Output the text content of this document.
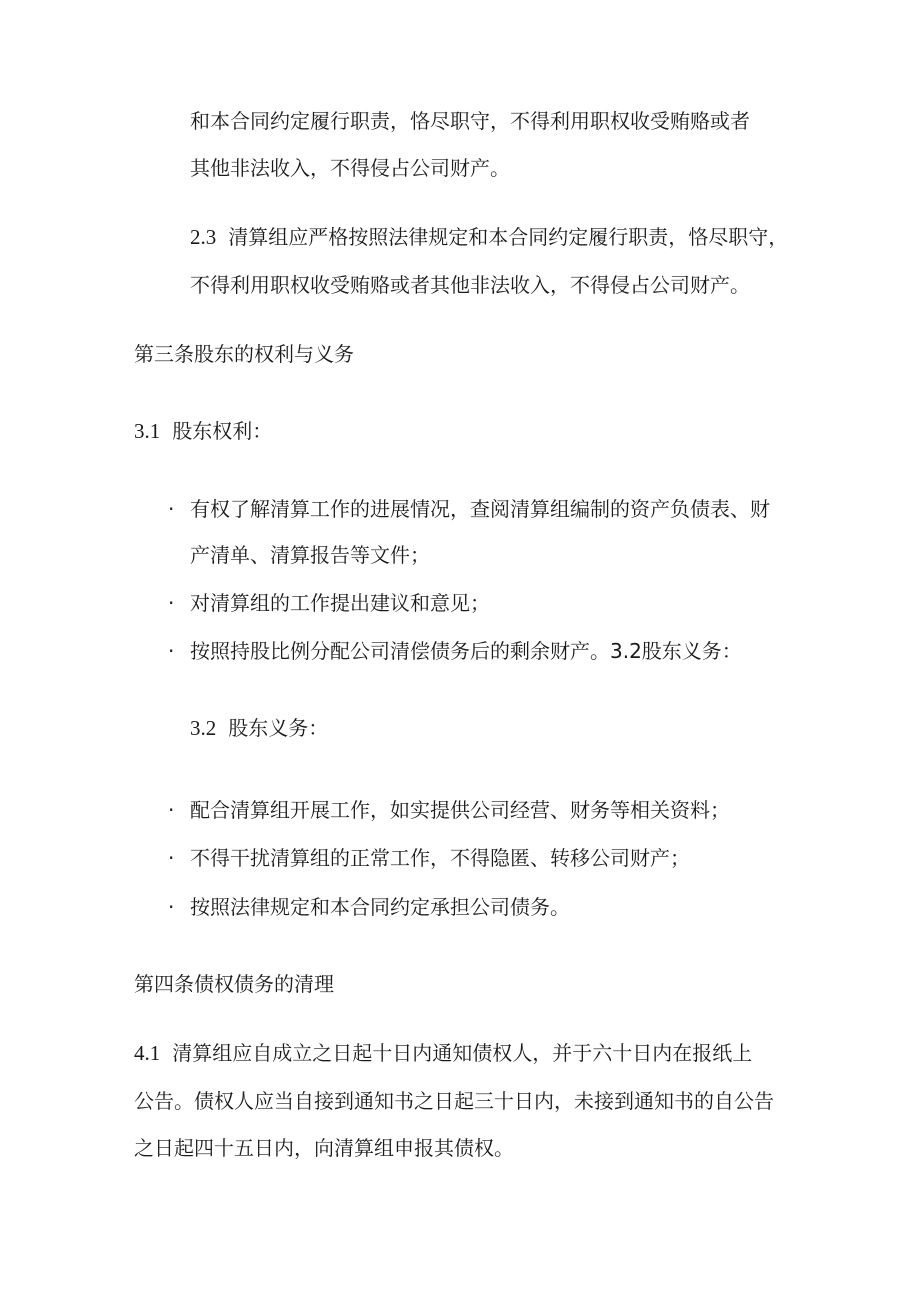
和本合同约定履行职责，恪尽职守，不得利用职权收受贿赂或者

其他非法收入，不得侵占公司财产。

2.3 清算组应严格按照法律规定和本合同约定履行职责，恪尽职守，

不得利用职权收受贿赂或者其他非法收入，不得侵占公司财产。

第三条股东的权利与义务

3.1 股东权利：

· 有权了解清算工作的进展情况，查阅清算组编制的资产负债表、财

产清单、清算报告等文件；

· 对清算组的工作提出建议和意见；

· 按照持股比例分配公司清偿债务后的剩余财产。3.2股东义务：

3.2 股东义务：

· 配合清算组开展工作，如实提供公司经营、财务等相关资料；

· 不得干扰清算组的正常工作，不得隐匿、转移公司财产；

· 按照法律规定和本合同约定承担公司债务。

第四条债权债务的清理

4.1 清算组应自成立之日起十日内通知债权人，并于六十日内在报纸上

公告。债权人应当自接到通知书之日起三十日内，未接到通知书的自公告

之日起四十五日内，向清算组申报其债权。
